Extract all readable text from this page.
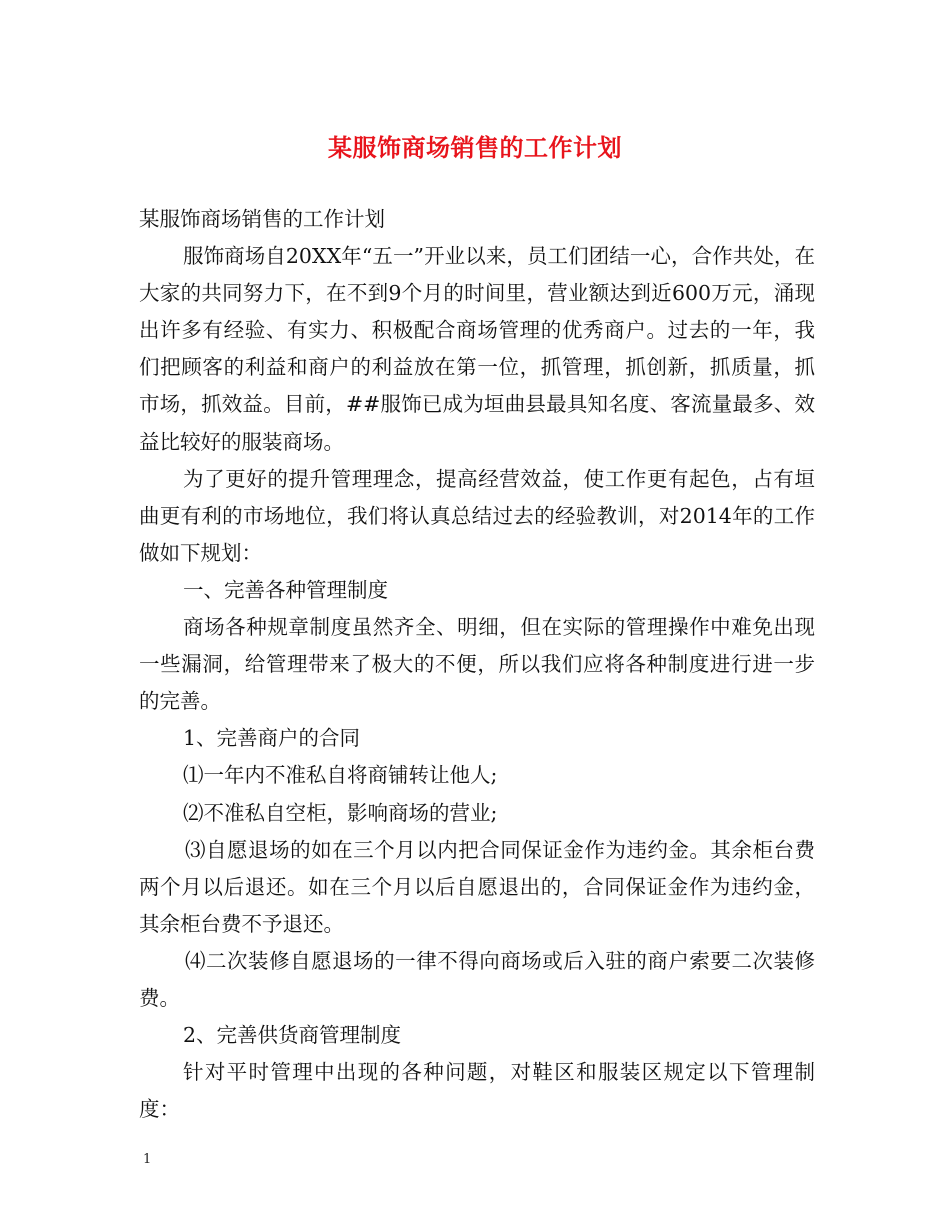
某服饰商场销售的工作计划

某服饰商场销售的工作计划

服饰商场自20XX年“五一”开业以来，员工们团结一心，合作共处，在大家的共同努力下，在不到9个月的时间里，营业额达到近600万元，涌现出许多有经验、有实力、积极配合商场管理的优秀商户。过去的一年，我们把顾客的利益和商户的利益放在第一位，抓管理，抓创新，抓质量，抓市场，抓效益。目前，##服饰已成为垣曲县最具知名度、客流量最多、效益比较好的服装商场。

为了更好的提升管理理念，提高经营效益，使工作更有起色，占有垣曲更有利的市场地位，我们将认真总结过去的经验教训，对2014年的工作做如下规划：

一、完善各种管理制度

商场各种规章制度虽然齐全、明细，但在实际的管理操作中难免出现一些漏洞，给管理带来了极大的不便，所以我们应将各种制度进行进一步的完善。

1、完善商户的合同

⑴一年内不准私自将商铺转让他人;

⑵不准私自空柜，影响商场的营业;

⑶自愿退场的如在三个月以内把合同保证金作为违约金。其余柜台费两个月以后退还。如在三个月以后自愿退出的，合同保证金作为违约金，其余柜台费不予退还。

⑷二次装修自愿退场的一律不得向商场或后入驻的商户索要二次装修费。

2、完善供货商管理制度

针对平时管理中出现的各种问题，对鞋区和服装区规定以下管理制度：

1
